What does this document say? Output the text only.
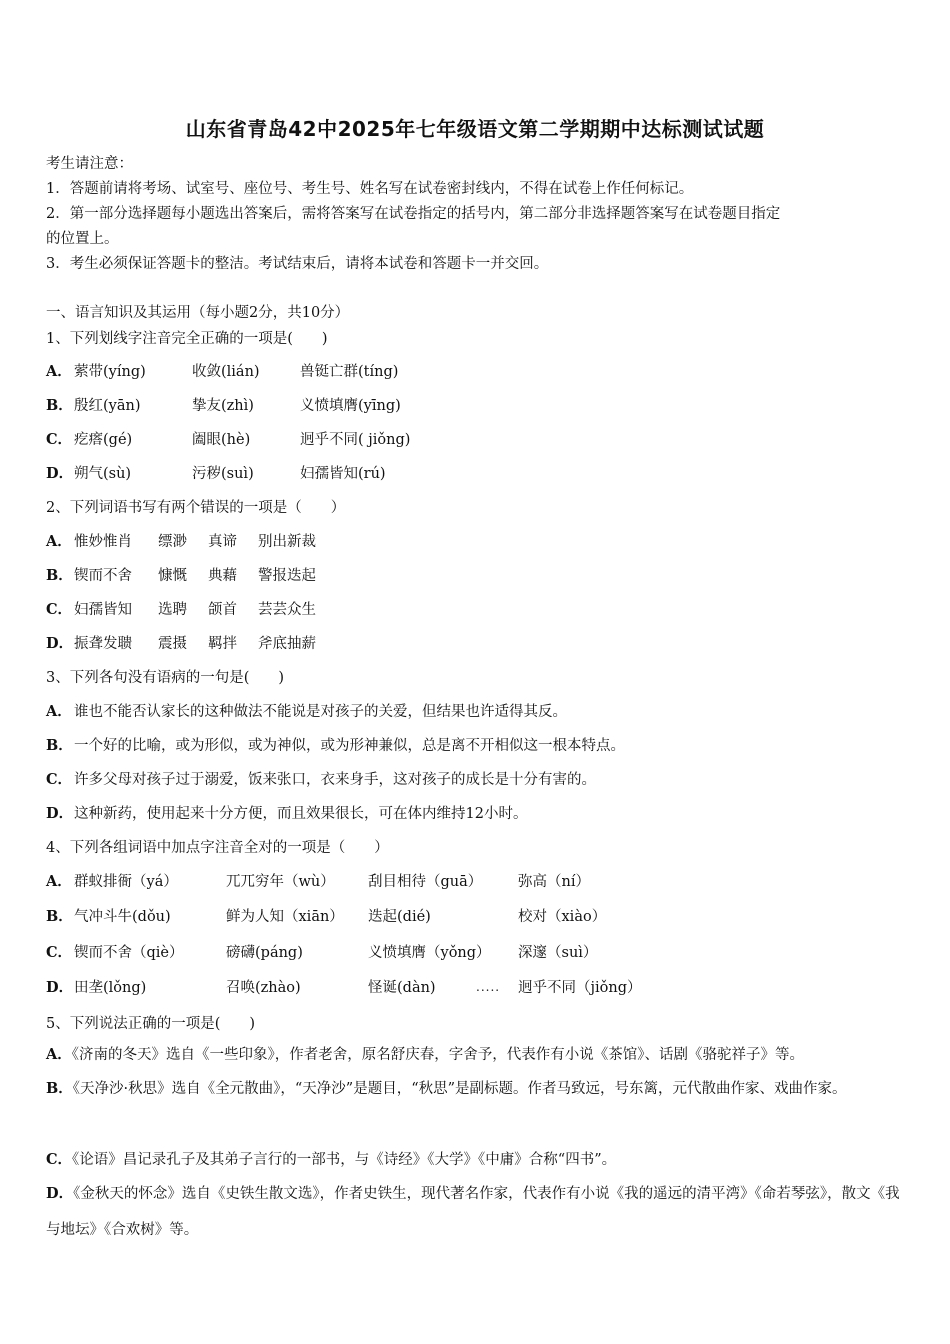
山东省青岛42中2025年七年级语文第二学期期中达标测试试题
考生请注意：
1．答题前请将考场、试室号、座位号、考生号、姓名写在试卷密封线内，不得在试卷上作任何标记。
2．第一部分选择题每小题选出答案后，需将答案写在试卷指定的括号内，第二部分非选择题答案写在试卷题目指定
的位置上。
3．考生必须保证答题卡的整洁。考试结束后，请将本试卷和答题卡一并交回。
一、语言知识及其运用（每小题2分，共10分）
1、下列划线字注音完全正确的一项是(　　)
A． 萦带(yíng)	收敛(lián)	兽铤亡群(tíng)
B． 殷红(yān)	挚友(zhì)	义愤填膺(yīng)
C． 疙瘩(gé)	阖眼(hè)	迥乎不同( jiǒng)
D． 朔气(sù)	污秽(suì)	妇孺皆知(rú)
2、下列词语书写有两个错误的一项是（　　）
A． 惟妙惟肖 缥渺 真谛 别出新裁
B． 锲而不舍 慷慨 典藉 警报迭起
C． 妇孺皆知 选聘 颌首 芸芸众生
D． 振聋发聩 震摄 羁拌 斧底抽薪
3、下列各句没有语病的一句是(　　)
A． 谁也不能否认家长的这种做法不能说是对孩子的关爱，但结果也许适得其反。
B．一个好的比喻，或为形似，或为神似，或为形神兼似，总是离不开相似这一根本特点。
C． 许多父母对孩子过于溺爱，饭来张口，衣来身手，这对孩子的成长是十分有害的。
D．这种新药，使用起来十分方便，而且效果很长，可在体内维持12小时。
4、下列各组词语中加点字注音全对的一项是（　　）
A． 群蚁排衙（yá）	兀兀穷年（wù） 刮目相待（guā） 弥高（ní）
B． 气冲斗牛(dǒu)	鲜为人知（xiān） 迭起(dié)	校对（xiào）
C． 锲而不舍（qiè）	磅礴(páng)	义愤填膺（yǒng） 深邃（suì）
D． 田垄(lǒng)	召唤(zhào)	怪诞(dàn)	..... 迥乎不同（jiǒng）
5、下列说法正确的一项是(　　)
A．《济南的冬天》选自《一些印象》，作者老舍，原名舒庆春，字舍予，代表作有小说《茶馆》、话剧《骆驼祥子》等。
B．《天净沙·秋思》选自《全元散曲》，“天净沙”是题目，“秋思”是副标题。作者马致远，号东篱，元代散曲作家、戏曲作家。
C．《论语》昌记录孔子及其弟子言行的一部书，与《诗经》《大学》《中庸》合称“四书”。
D．《金秋天的怀念》选自《史铁生散文选》，作者史铁生，现代著名作家，代表作有小说《我的遥远的清平湾》《命若琴弦》，散文《我与地坛》《合欢树》等。
